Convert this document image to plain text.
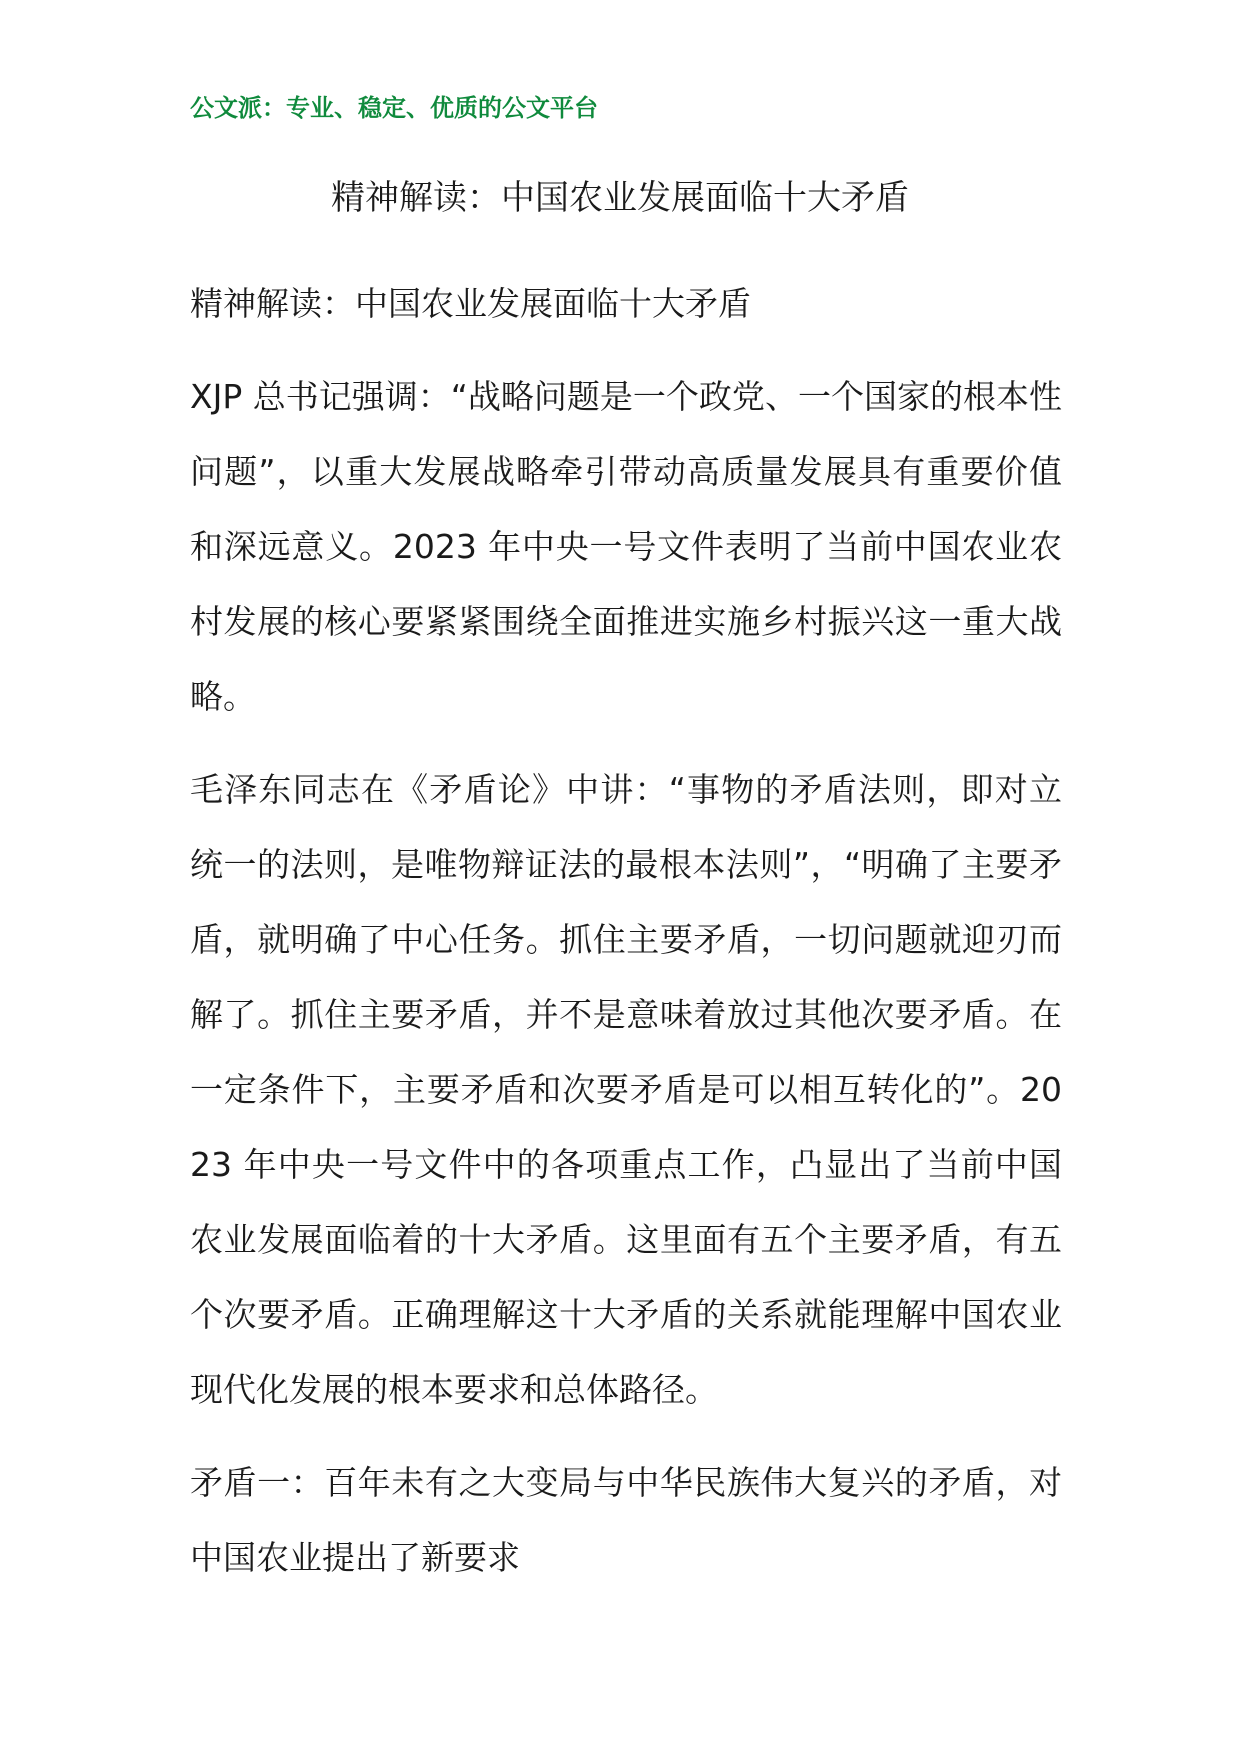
公文派：专业、稳定、优质的公文平台
精神解读：中国农业发展面临十大矛盾

精神解读：中国农业发展面临十大矛盾

XJP 总书记强调：“战略问题是一个政党、一个国家的根本性问题”，以重大发展战略牵引带动高质量发展具有重要价值和深远意义。2023 年中央一号文件表明了当前中国农业农村发展的核心要紧紧围绕全面推进实施乡村振兴这一重大战略。

毛泽东同志在《矛盾论》中讲：“事物的矛盾法则，即对立统一的法则，是唯物辩证法的最根本法则”，“明确了主要矛盾，就明确了中心任务。抓住主要矛盾，一切问题就迎刃而解了。抓住主要矛盾，并不是意味着放过其他次要矛盾。在一定条件下，主要矛盾和次要矛盾是可以相互转化的”。2023 年中央一号文件中的各项重点工作，凸显出了当前中国农业发展面临着的十大矛盾。这里面有五个主要矛盾，有五个次要矛盾。正确理解这十大矛盾的关系就能理解中国农业现代化发展的根本要求和总体路径。

矛盾一：百年未有之大变局与中华民族伟大复兴的矛盾，对中国农业提出了新要求
